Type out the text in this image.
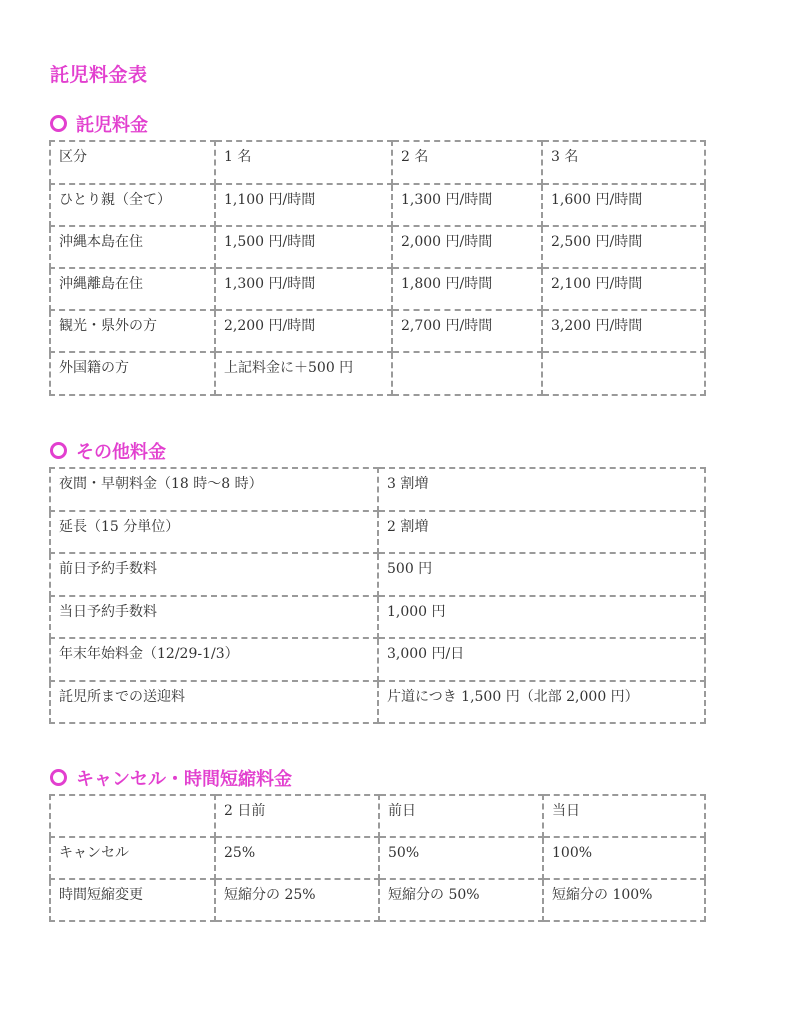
託児料金表
託児料金
区分	1 名	2 名	3 名
ひとり親（全て）	1,100 円/時間	1,300 円/時間	1,600 円/時間
沖縄本島在住	1,500 円/時間	2,000 円/時間	2,500 円/時間
沖縄離島在住	1,300 円/時間	1,800 円/時間	2,100 円/時間
観光・県外の方	2,200 円/時間	2,700 円/時間	3,200 円/時間
外国籍の方	上記料金に＋500 円		
その他料金
夜間・早朝料金（18 時～8 時）	3 割増
延長（15 分単位）	2 割増
前日予約手数料	500 円
当日予約手数料	1,000 円
年末年始料金（12/29-1/3）	3,000 円/日
託児所までの送迎料	片道につき 1,500 円（北部 2,000 円）
キャンセル・時間短縮料金
	2 日前	前日	当日
キャンセル	25%	50%	100%
時間短縮変更	短縮分の 25%	短縮分の 50%	短縮分の 100%
